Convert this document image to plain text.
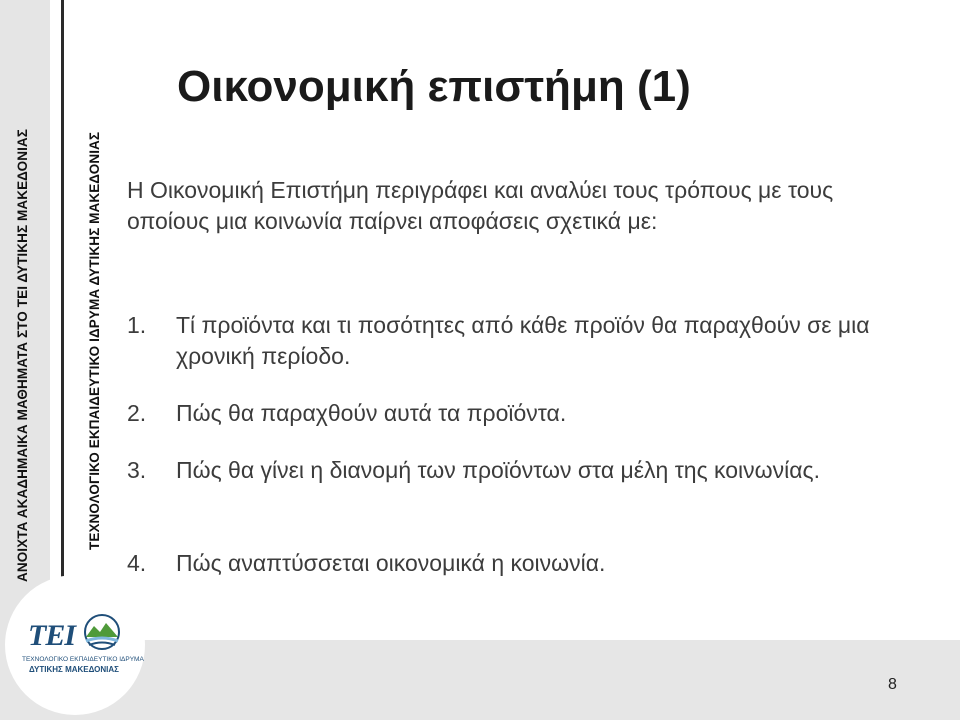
ΑΝΟΙΧΤΑ ΑΚΑΔΗΜΑΙΚΑ ΜΑΘΗΜΑΤΑ ΣΤΟ ΤΕΙ ΔΥΤΙΚΗΣ ΜΑΚΕΔΟΝΙΑΣ	ΤΕΧΝΟΛΟΓΙΚΟ ΕΚΠΑΙΔΕΥΤΙΚΟ ΙΔΡΥΜΑ ΔΥΤΙΚΗΣ ΜΑΚΕΔΟΝΙΑΣ
ΤΕΙ
ΤΕΧΝΟΛΟΓΙΚΟ ΕΚΠΑΙΔΕΥΤΙΚΟ ΙΔΡΥΜΑ
ΔΥΤΙΚΗΣ ΜΑΚΕΔΟΝΙΑΣ
Οικονομική επιστήμη (1)

Η Οικονομική Επιστήμη περιγράφει και αναλύει τους τρόπους με τους οποίους μια κοινωνία παίρνει αποφάσεις σχετικά με:

1. Τί προϊόντα και τι ποσότητες από κάθε προϊόν θα παραχθούν σε μια χρονική περίοδο.
2. Πώς θα παραχθούν αυτά τα προϊόντα.
3. Πώς θα γίνει η διανομή των προϊόντων στα μέλη της κοινωνίας.
4. Πώς αναπτύσσεται οικονομικά η κοινωνία.
8
